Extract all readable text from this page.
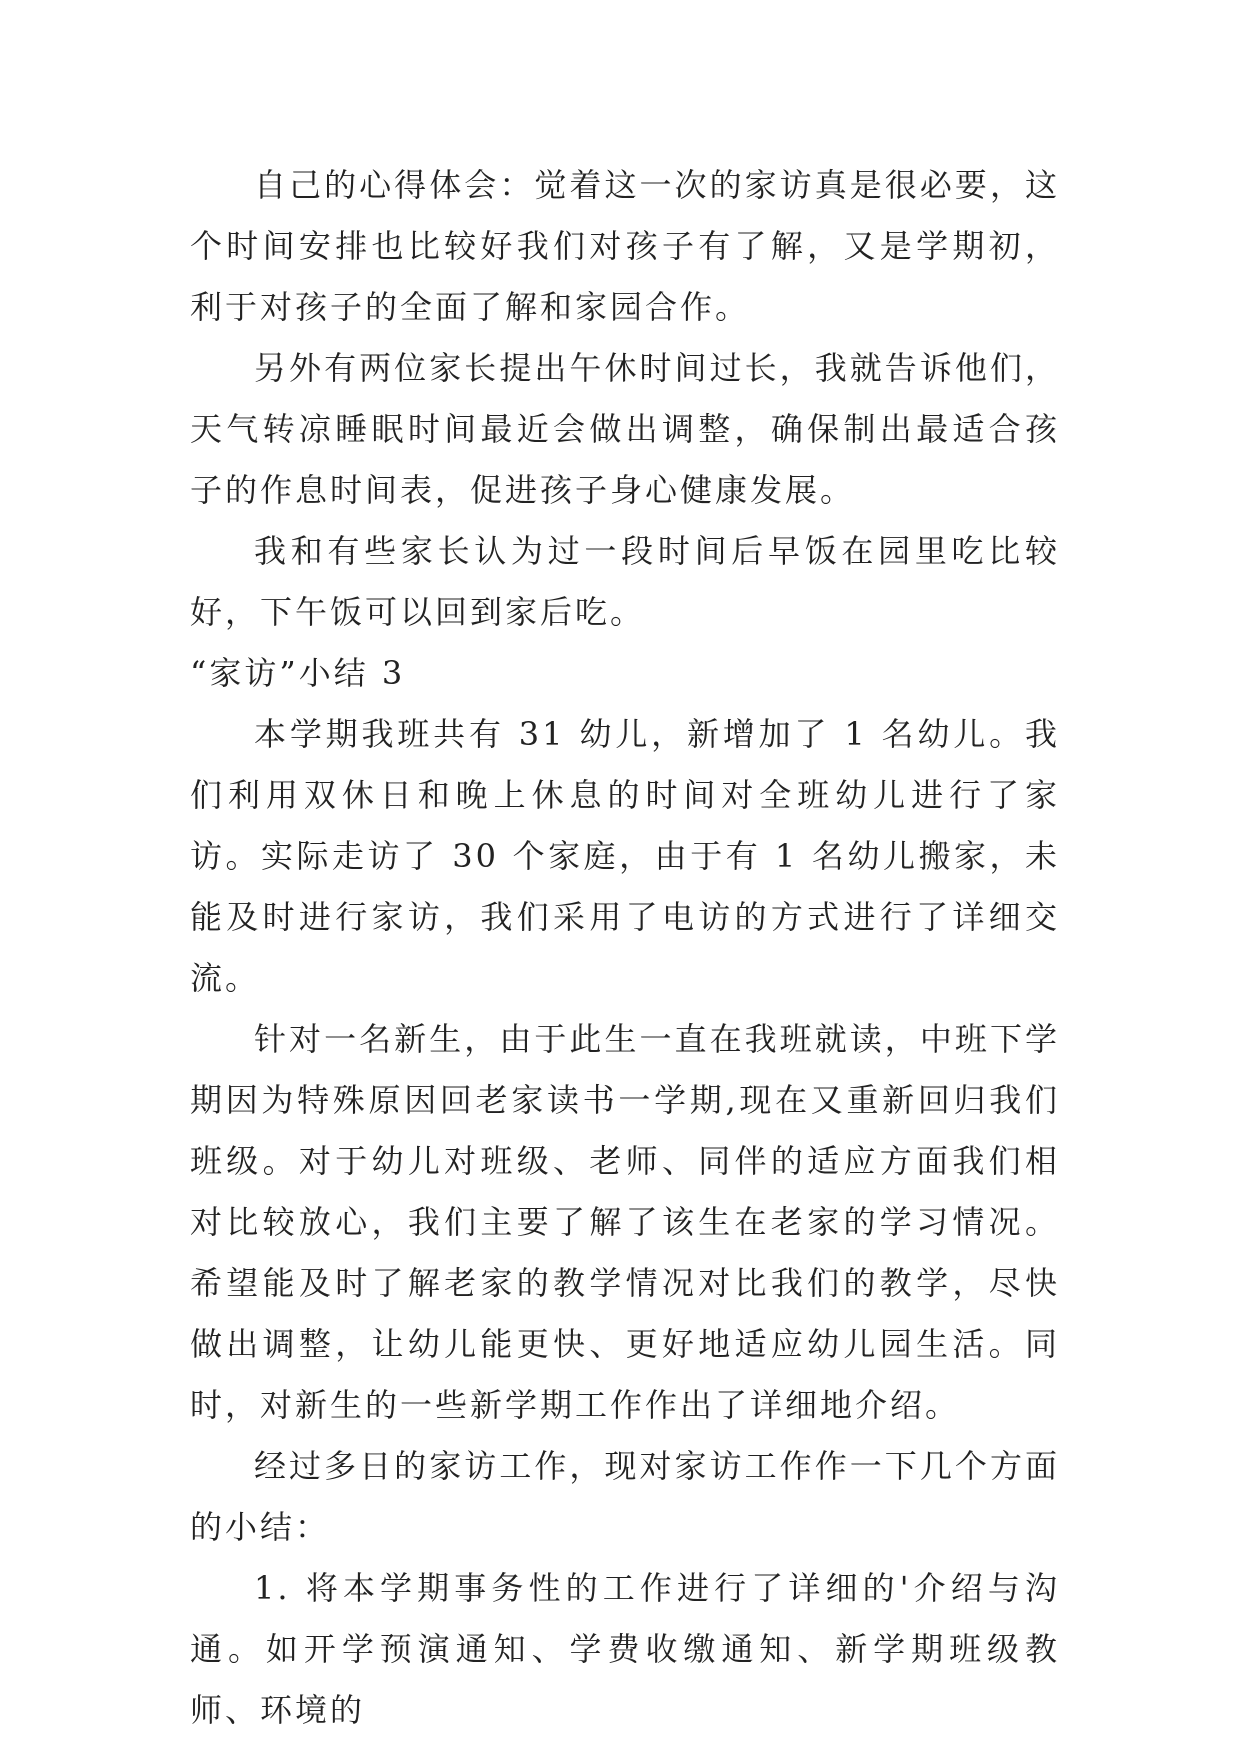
自己的心得体会：觉着这一次的家访真是很必要，这个时间安排也比较好我们对孩子有了解，又是学期初，利于对孩子的全面了解和家园合作。

另外有两位家长提出午休时间过长，我就告诉他们，天气转凉睡眠时间最近会做出调整，确保制出最适合孩子的作息时间表，促进孩子身心健康发展。

我和有些家长认为过一段时间后早饭在园里吃比较好，下午饭可以回到家后吃。

“家访”小结 3

本学期我班共有 31 幼儿，新增加了 1 名幼儿。我们利用双休日和晚上休息的时间对全班幼儿进行了家访。实际走访了 30 个家庭，由于有 1 名幼儿搬家，未能及时进行家访，我们采用了电访的方式进行了详细交流。

针对一名新生，由于此生一直在我班就读，中班下学期因为特殊原因回老家读书一学期,现在又重新回归我们班级。对于幼儿对班级、老师、同伴的适应方面我们相对比较放心，我们主要了解了该生在老家的学习情况。希望能及时了解老家的教学情况对比我们的教学，尽快做出调整，让幼儿能更快、更好地适应幼儿园生活。同时，对新生的一些新学期工作作出了详细地介绍。

经过多日的家访工作，现对家访工作作一下几个方面的小结：

1. 将本学期事务性的工作进行了详细的'介绍与沟通。如开学预演通知、学费收缴通知、新学期班级教师、环境的
